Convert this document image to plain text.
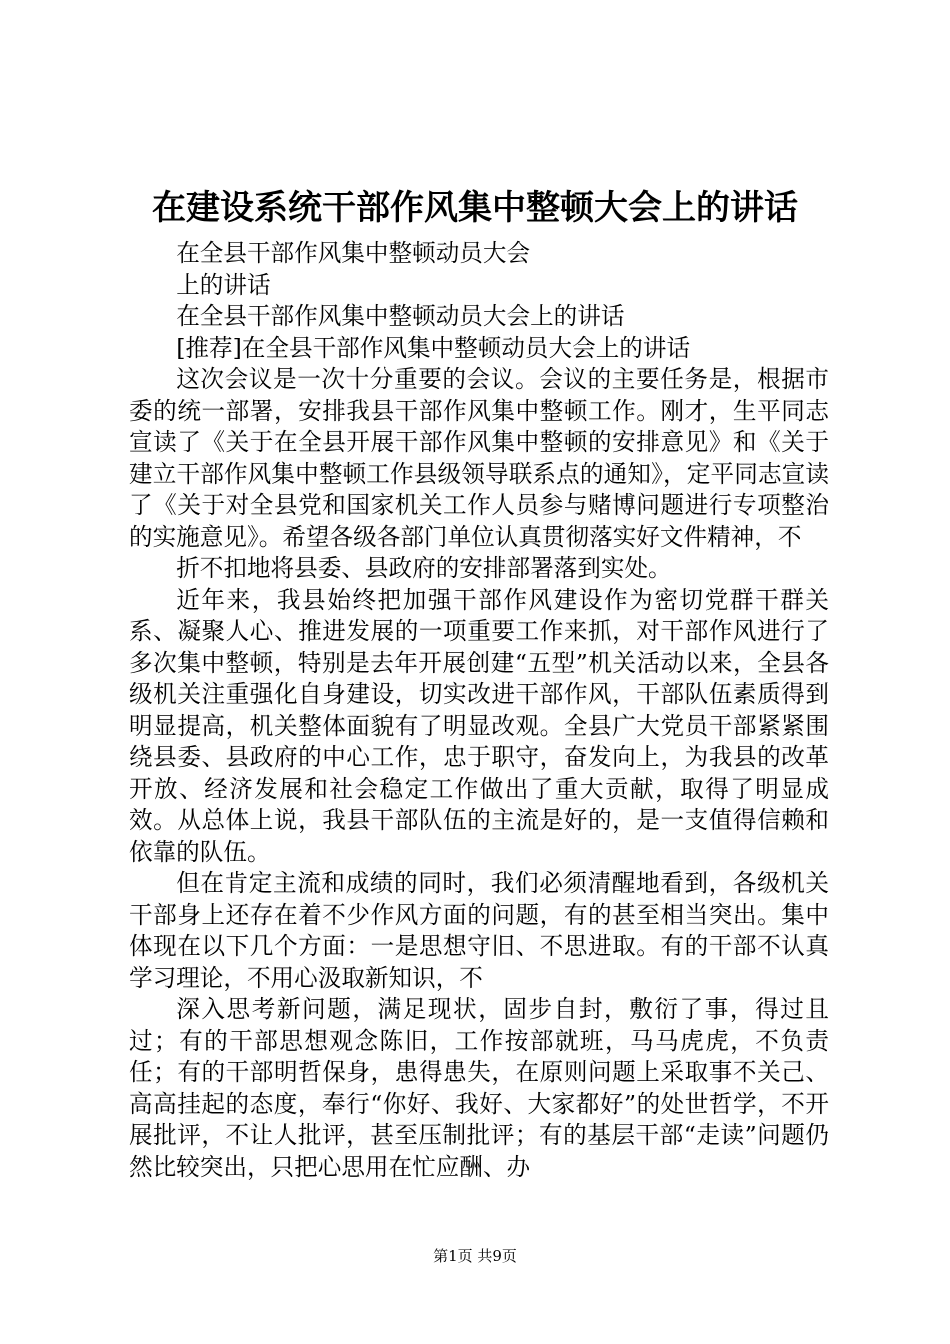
在建设系统干部作风集中整顿大会上的讲话

在全县干部作风集中整顿动员大会

上的讲话

在全县干部作风集中整顿动员大会上的讲话

[推荐]在全县干部作风集中整顿动员大会上的讲话

这次会议是一次十分重要的会议。会议的主要任务是，根据市委的统一部署，安排我县干部作风集中整顿工作。刚才，生平同志宣读了《关于在全县开展干部作风集中整顿的安排意见》和《关于建立干部作风集中整顿工作县级领导联系点的通知》，定平同志宣读了《关于对全县党和国家机关工作人员参与赌博问题进行专项整治的实施意见》。希望各级各部门单位认真贯彻落实好文件精神，不

折不扣地将县委、县政府的安排部署落到实处。

近年来，我县始终把加强干部作风建设作为密切党群干群关系、凝聚人心、推进发展的一项重要工作来抓，对干部作风进行了多次集中整顿，特别是去年开展创建“五型”机关活动以来，全县各级机关注重强化自身建设，切实改进干部作风，干部队伍素质得到明显提高，机关整体面貌有了明显改观。全县广大党员干部紧紧围绕县委、县政府的中心工作，忠于职守，奋发向上，为我县的改革开放、经济发展和社会稳定工作做出了重大贡献，取得了明显成效。从总体上说，我县干部队伍的主流是好的，是一支值得信赖和依靠的队伍。

但在肯定主流和成绩的同时，我们必须清醒地看到，各级机关干部身上还存在着不少作风方面的问题，有的甚至相当突出。集中体现在以下几个方面：一是思想守旧、不思进取。有的干部不认真学习理论，不用心汲取新知识，不

深入思考新问题，满足现状，固步自封，敷衍了事，得过且过；有的干部思想观念陈旧，工作按部就班，马马虎虎，不负责任；有的干部明哲保身，患得患失，在原则问题上采取事不关己、高高挂起的态度，奉行“你好、我好、大家都好”的处世哲学，不开展批评，不让人批评，甚至压制批评；有的基层干部“走读”问题仍然比较突出，只把心思用在忙应酬、办

第1页 共9页
